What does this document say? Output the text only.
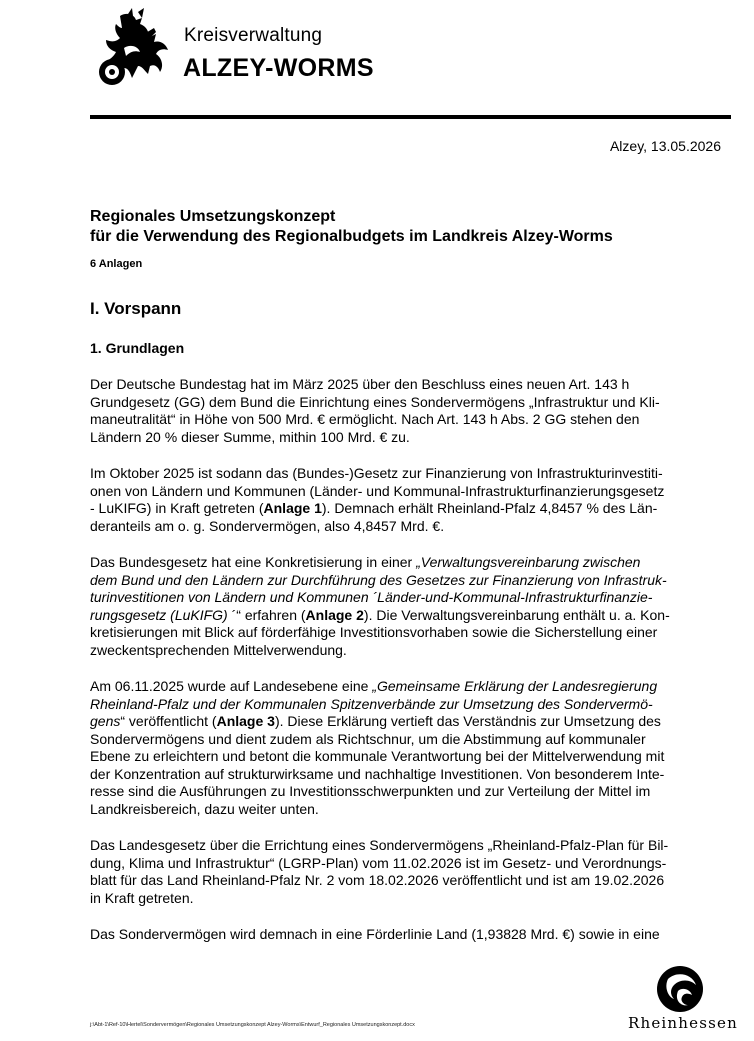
Kreisverwaltung
ALZEY-WORMS
Alzey, 13.05.2026

Regionales Umsetzungskonzept
für die Verwendung des Regionalbudgets im Landkreis Alzey-Worms

6 Anlagen

I. Vorspann

1. Grundlagen

Der Deutsche Bundestag hat im März 2025 über den Beschluss eines neuen Art. 143 h
Grundgesetz (GG) dem Bund die Einrichtung eines Sondervermögens „Infrastruktur und Kli-
maneutralität“ in Höhe von 500 Mrd. € ermöglicht. Nach Art. 143 h Abs. 2 GG stehen den
Ländern 20 % dieser Summe, mithin 100 Mrd. € zu.
Im Oktober 2025 ist sodann das (Bundes-)Gesetz zur Finanzierung von Infrastrukturinvestiti-
onen von Ländern und Kommunen (Länder- und Kommunal-Infrastrukturfinanzierungsgesetz
- LuKIFG) in Kraft getreten (Anlage 1). Demnach erhält Rheinland-Pfalz 4,8457 % des Län-
deranteils am o. g. Sondervermögen, also 4,8457 Mrd. €.
Das Bundesgesetz hat eine Konkretisierung in einer „Verwaltungsvereinbarung zwischen
dem Bund und den Ländern zur Durchführung des Gesetzes zur Finanzierung von Infrastruk-
turinvestitionen von Ländern und Kommunen ´Länder-und-Kommunal-Infrastrukturfinanzie-
rungsgesetz (LuKIFG) ´“ erfahren (Anlage 2). Die Verwaltungsvereinbarung enthält u. a. Kon-
kretisierungen mit Blick auf förderfähige Investitionsvorhaben sowie die Sicherstellung einer
zweckentsprechenden Mittelverwendung.
Am 06.11.2025 wurde auf Landesebene eine „Gemeinsame Erklärung der Landesregierung
Rheinland-Pfalz und der Kommunalen Spitzenverbände zur Umsetzung des Sondervermö-
gens“ veröffentlicht (Anlage 3). Diese Erklärung vertieft das Verständnis zur Umsetzung des
Sondervermögens und dient zudem als Richtschnur, um die Abstimmung auf kommunaler
Ebene zu erleichtern und betont die kommunale Verantwortung bei der Mittelverwendung mit
der Konzentration auf strukturwirksame und nachhaltige Investitionen. Von besonderem Inte-
resse sind die Ausführungen zu Investitionsschwerpunkten und zur Verteilung der Mittel im
Landkreisbereich, dazu weiter unten.
Das Landesgesetz über die Errichtung eines Sondervermögens „Rheinland-Pfalz-Plan für Bil-
dung, Klima und Infrastruktur“ (LGRP-Plan) vom 11.02.2026 ist im Gesetz- und Verordnungs-
blatt für das Land Rheinland-Pfalz Nr. 2 vom 18.02.2026 veröffentlicht und ist am 19.02.2026
in Kraft getreten.
Das Sondervermögen wird demnach in eine Förderlinie Land (1,93828 Mrd. €) sowie in eine
j:\Abt-1\Ref-10\Hertel\Sondervermögen\Regionales Umsetzungskonzept Alzey-Worms\Entwurf_Regionales Umsetzungskonzept.docx	Rheinhessen
